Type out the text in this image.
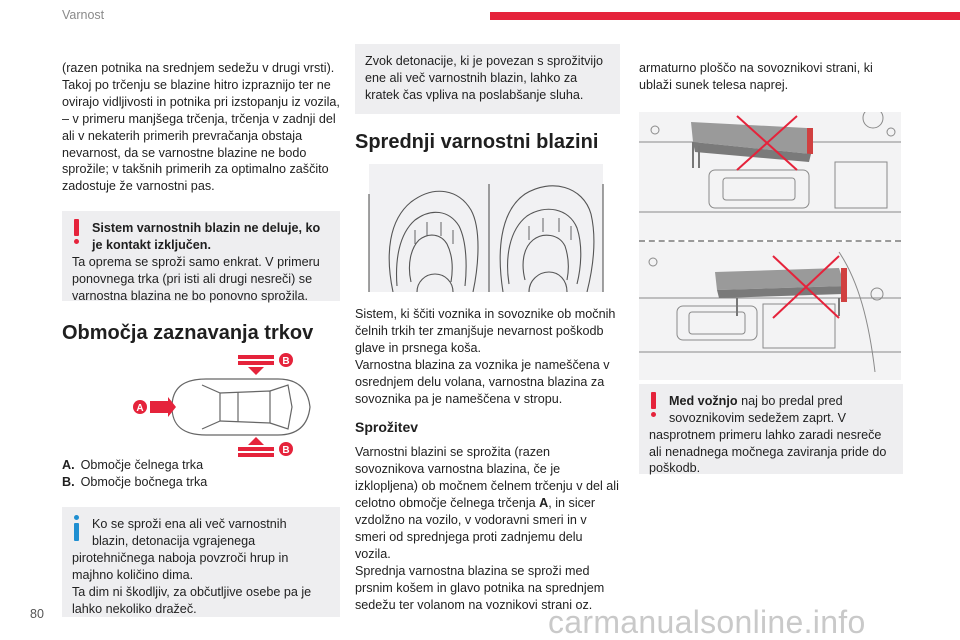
Varnost
(razen potnika na srednjem sedežu v drugi vrsti). Takoj po trčenju se blazine hitro izpraznijo ter ne ovirajo vidljivosti in potnika pri izstopanju iz vozila,
– v primeru manjšega trčenja, trčenja v zadnji del ali v nekaterih primerih prevračanja obstaja nevarnost, da se varnostne blazine ne bodo sprožile; v takšnih primerih za optimalno zaščito zadostuje že varnostni pas.
Sistem varnostnih blazin ne deluje, ko je kontakt izključen.
Ta oprema se sproži samo enkrat. V primeru ponovnega trka (pri isti ali drugi nesreči) se varnostna blazina ne bo ponovno sprožila.
Območja zaznavanja trkov
B
A
B
A. Območje čelnega trka
B. Območje bočnega trka
Ko se sproži ena ali več varnostnih
blazin, detonacija vgrajenega
pirotehničnega naboja povzroči hrup in majhno količino dima.
Ta dim ni škodljiv, za občutljive osebe pa je lahko nekoliko dražeč.
Zvok detonacije, ki je povezan s sprožitvijo ene ali več varnostnih blazin, lahko za kratek čas vpliva na poslabšanje sluha.
Sprednji varnostni blazini
Sistem, ki ščiti voznika in sovoznike ob močnih čelnih trkih ter zmanjšuje nevarnost poškodb glave in prsnega koša.
Varnostna blazina za voznika je nameščena v osrednjem delu volana, varnostna blazina za sovoznika pa je nameščena v stropu.
Sprožitev
Varnostni blazini se sprožita (razen sovoznikova varnostna blazina, če je izklopljena) ob močnem čelnem trčenju v del ali celotno območje čelnega trčenja A, in sicer vzdolžno na vozilo, v vodoravni smeri in v smeri od sprednjega proti zadnjemu delu vozila.
Sprednja varnostna blazina se sproži med prsnim košem in glavo potnika na sprednjem sedežu ter volanom na voznikovi strani oz.
armaturno ploščo na sovoznikovi strani, ki ublaži sunek telesa naprej.
Med vožnjo naj bo predal pred
sovoznikovim sedežem zaprt. V
nasprotnem primeru lahko zaradi nesreče ali nenadnega močnega zaviranja pride do poškodb.
80	carmanualsonline.info
